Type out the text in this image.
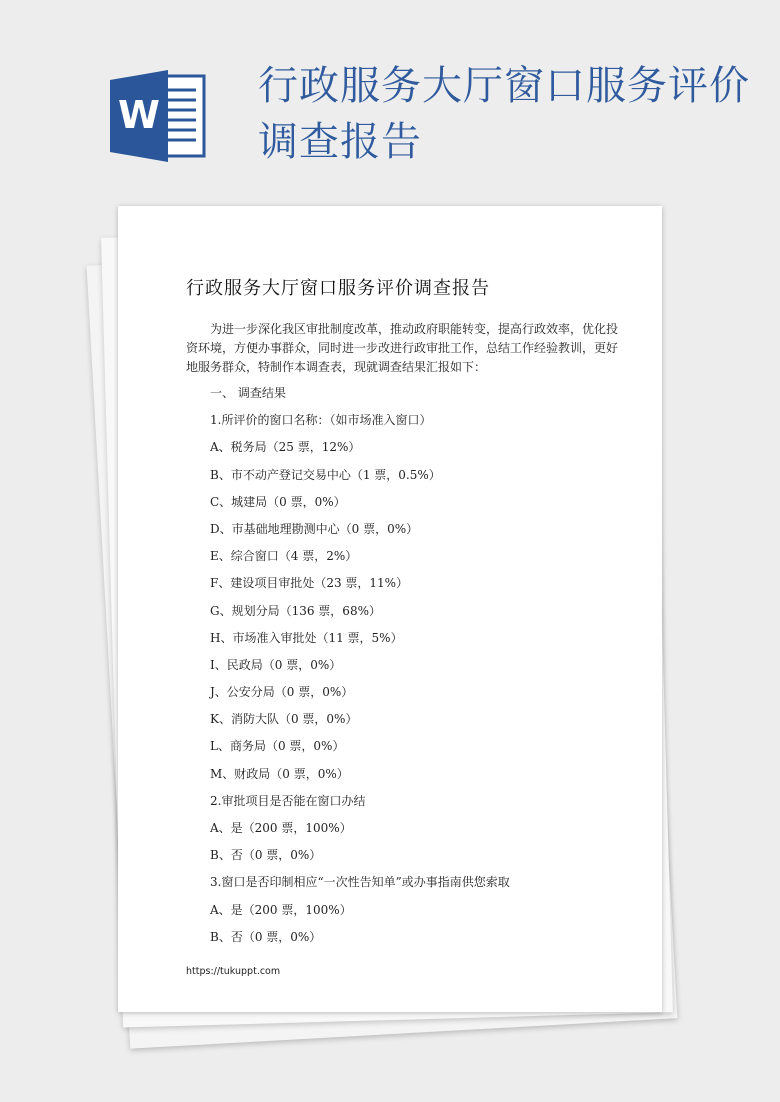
W
行政服务大厅窗口服务评价调查报告
行政服务大厅窗口服务评价调查报告

为进一步深化我区审批制度改革，推动政府职能转变，提高行政效率，优化投资环境，方便办事群众，同时进一步改进行政审批工作，总结工作经验教训，更好地服务群众，特制作本调查表，现就调查结果汇报如下：

一、 调查结果
1.所评价的窗口名称：（如市场准入窗口）
A、税务局（25 票，12%）
B、市不动产登记交易中心（1 票，0.5%）
C、城建局（0 票，0%）
D、市基础地理勘测中心（0 票，0%）
E、综合窗口（4 票，2%）
F、建设项目审批处（23 票，11%）
G、规划分局（136 票，68%）
H、市场准入审批处（11 票，5%）
I、民政局（0 票，0%）
J、公安分局（0 票，0%）
K、消防大队（0 票，0%）
L、商务局（0 票，0%）
M、财政局（0 票，0%）
2.审批项目是否能在窗口办结
A、是（200 票，100%）
B、否（0 票，0%）
3.窗口是否印制相应“一次性告知单”或办事指南供您索取
A、是（200 票，100%）
B、否（0 票，0%）
https://tukuppt.com
